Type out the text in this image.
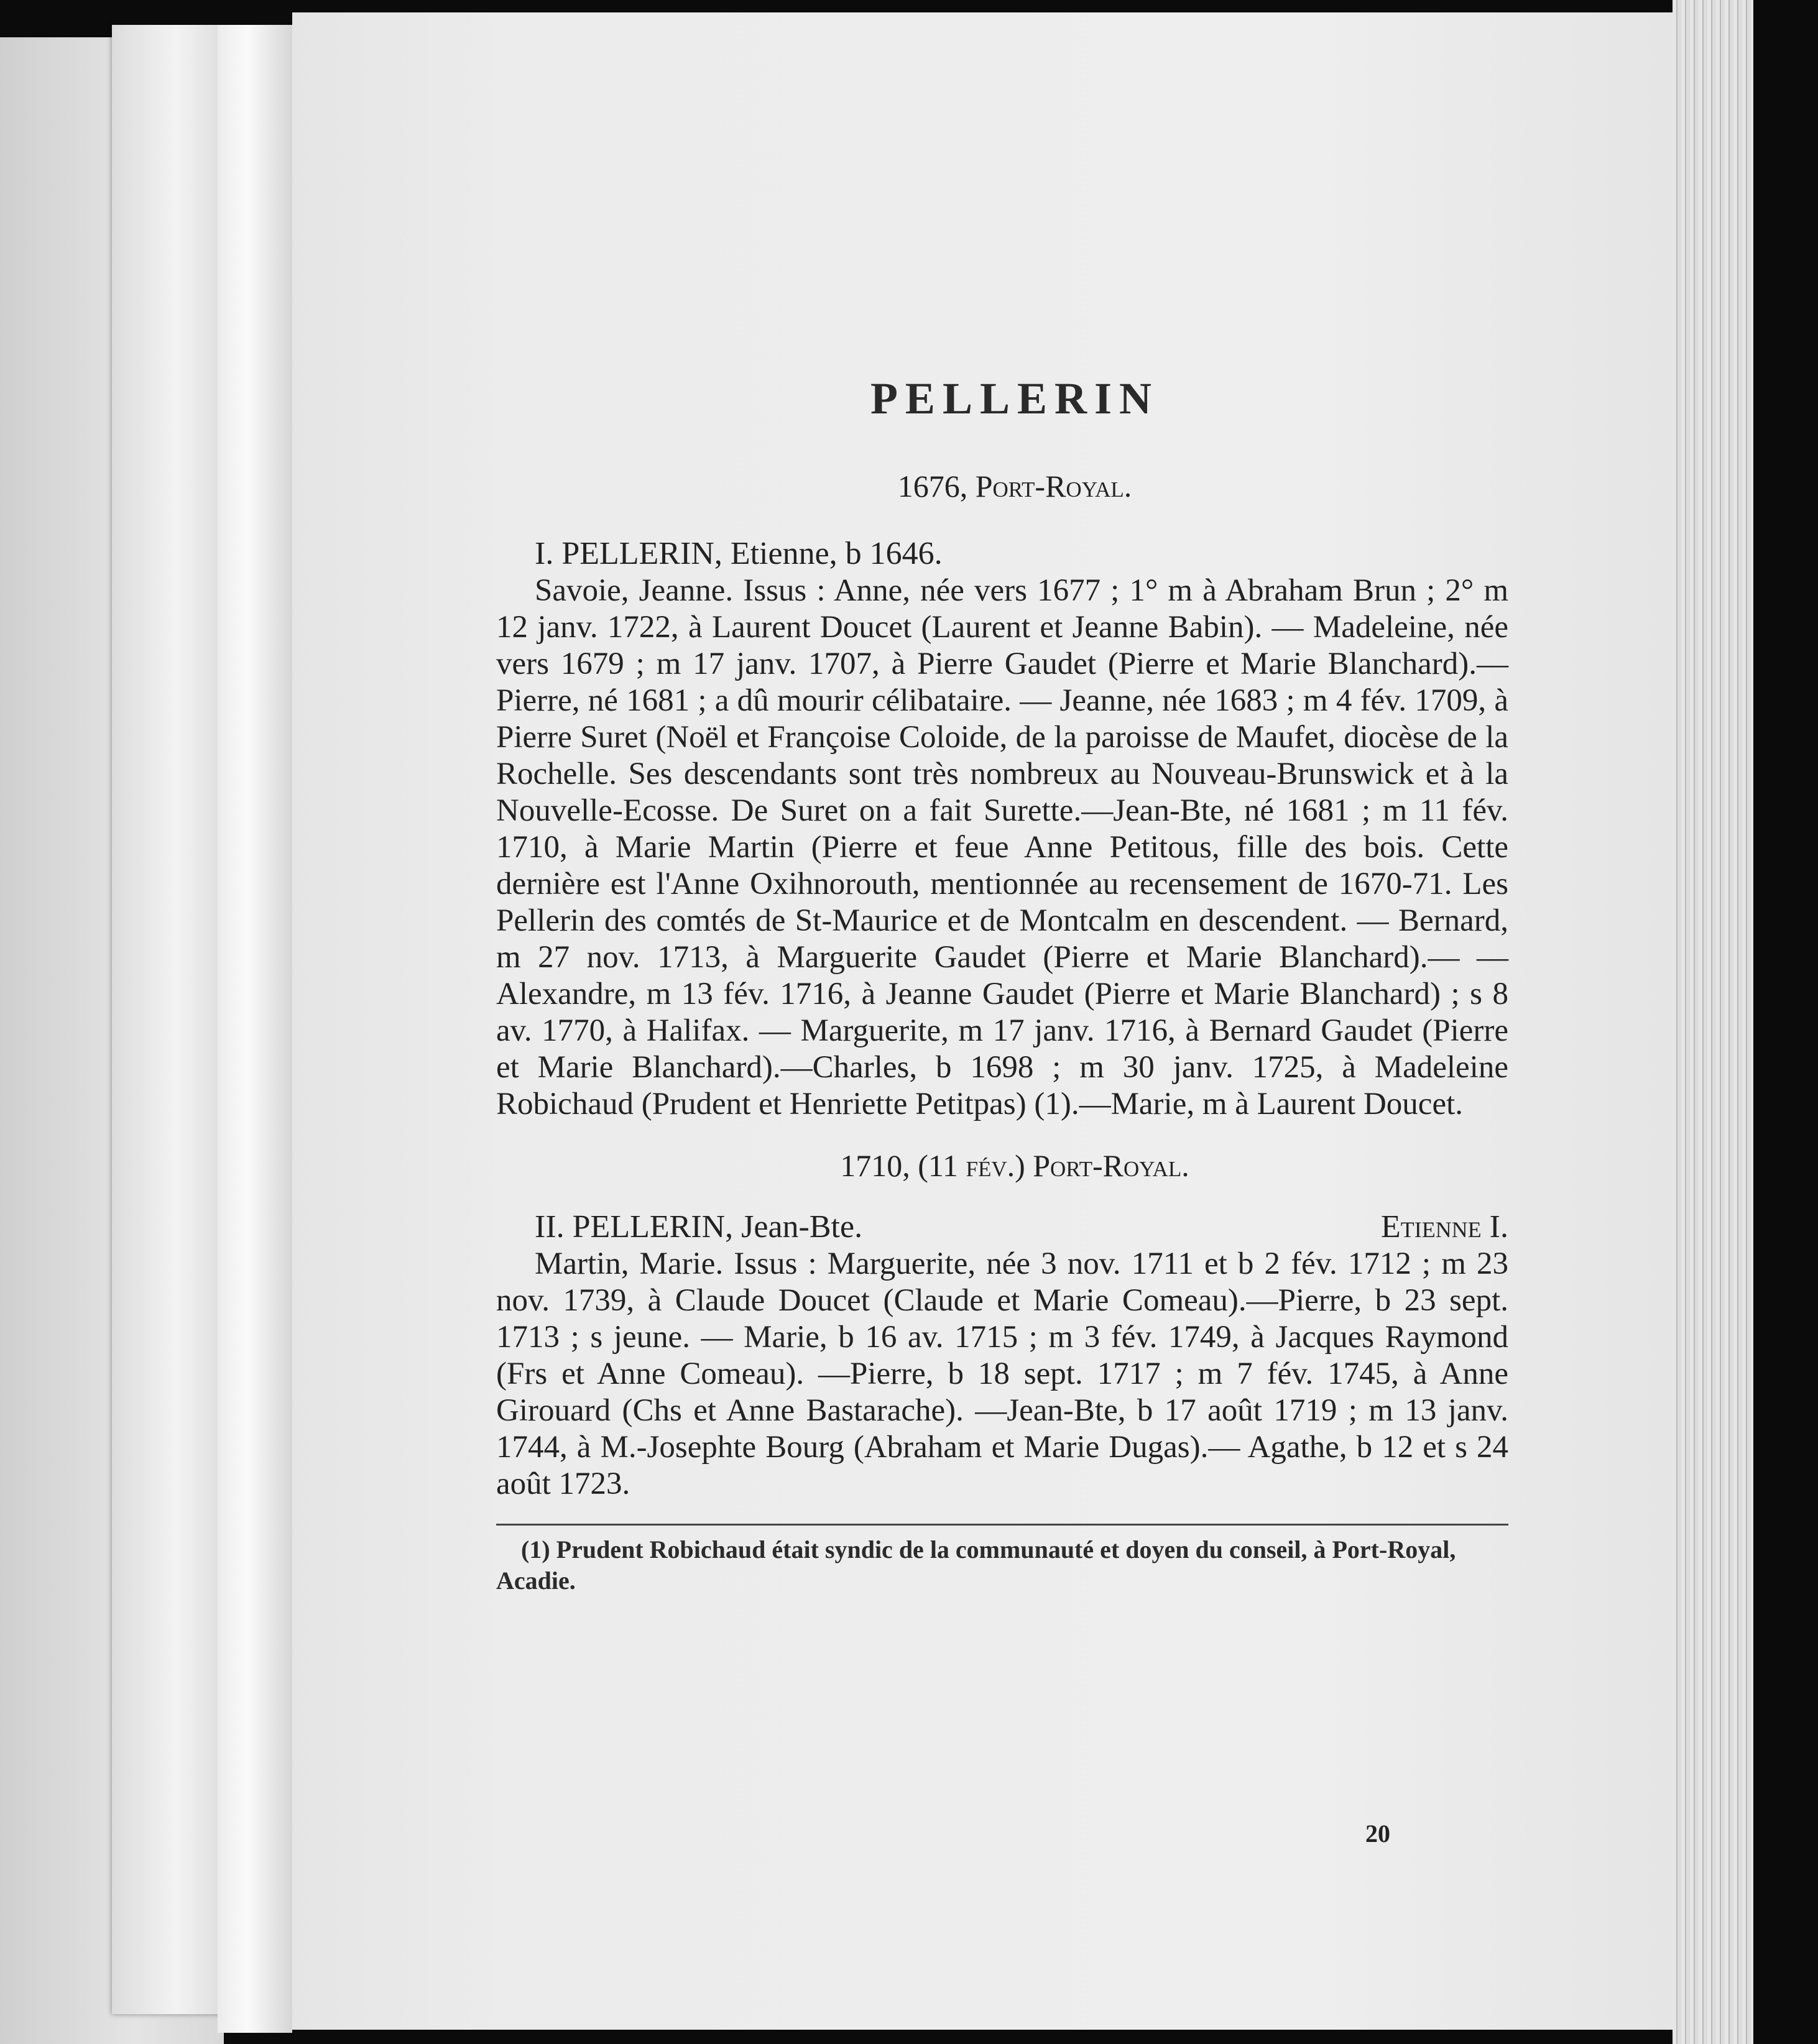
PELLERIN
1676, Port-Royal.
I. PELLERIN, Etienne, b 1646.

Savoie, Jeanne. Issus : Anne, née vers 1677 ; 1° m à Abraham Brun ; 2° m 12 janv. 1722, à Laurent Doucet (Laurent et Jeanne Babin). — Madeleine, née vers 1679 ; m 17 janv. 1707, à Pierre Gaudet (Pierre et Marie Blanchard).— Pierre, né 1681 ; a dû mourir célibataire. — Jeanne, née 1683 ; m 4 fév. 1709, à Pierre Suret (Noël et Françoise Coloide, de la paroisse de Maufet, diocèse de la Rochelle. Ses descendants sont très nombreux au Nouveau-Brunswick et à la Nouvelle-Ecosse. De Suret on a fait Surette.—Jean-Bte, né 1681 ; m 11 fév. 1710, à Marie Martin (Pierre et feue Anne Petitous, fille des bois. Cette dernière est l'Anne Oxihnorouth, mentionnée au recensement de 1670-71. Les Pellerin des comtés de St-Maurice et de Montcalm en descendent. — Bernard, m 27 nov. 1713, à Marguerite Gaudet (Pierre et Marie Blanchard).— —Alexandre, m 13 fév. 1716, à Jeanne Gaudet (Pierre et Marie Blanchard) ; s 8 av. 1770, à Halifax. — Marguerite, m 17 janv. 1716, à Bernard Gaudet (Pierre et Marie Blanchard).—Charles, b 1698 ; m 30 janv. 1725, à Madeleine Robichaud (Prudent et Henriette Petitpas) (1).—Marie, m à Laurent Doucet.

1710, (11 fév.) Port-Royal.
II. PELLERIN, Jean-Bte.	Etienne I.

Martin, Marie. Issus : Marguerite, née 3 nov. 1711 et b 2 fév. 1712 ; m 23 nov. 1739, à Claude Doucet (Claude et Marie Comeau).—Pierre, b 23 sept. 1713 ; s jeune. — Marie, b 16 av. 1715 ; m 3 fév. 1749, à Jacques Raymond (Frs et Anne Comeau). —Pierre, b 18 sept. 1717 ; m 7 fév. 1745, à Anne Girouard (Chs et Anne Bastarache). —Jean-Bte, b 17 août 1719 ; m 13 janv. 1744, à M.-Josephte Bourg (Abraham et Marie Dugas).— Agathe, b 12 et s 24 août 1723.

(1) Prudent Robichaud était syndic de la communauté et doyen du conseil, à Port-Royal, Acadie.

20
